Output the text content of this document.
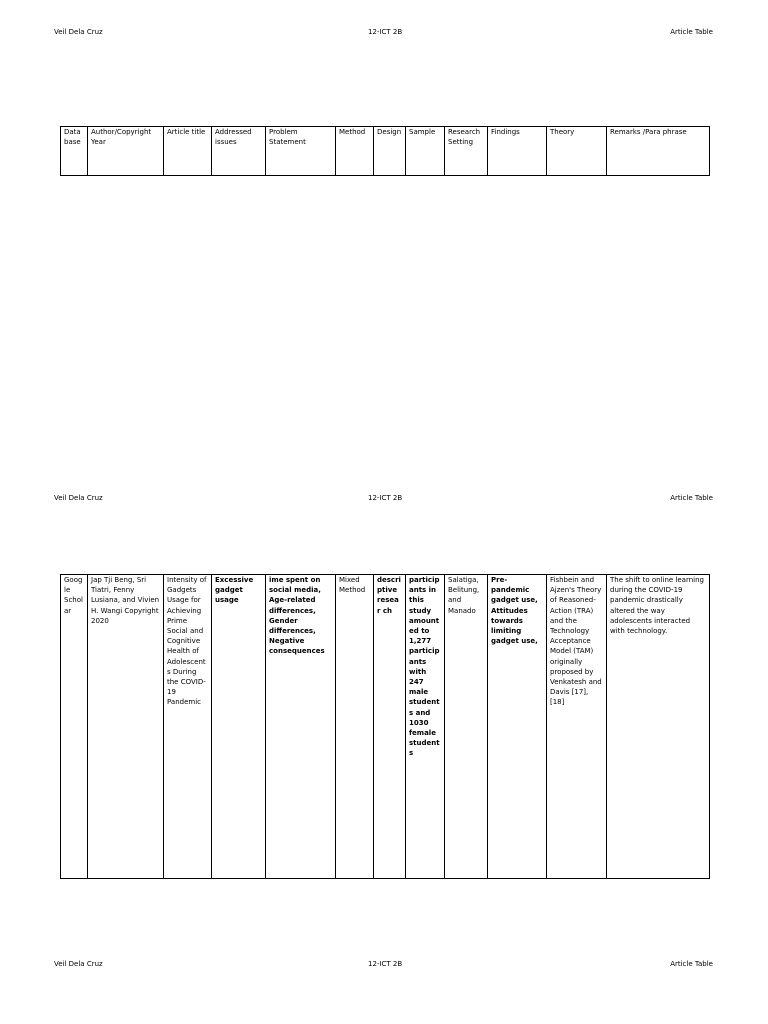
Veil Dela Cruz	12-ICT 2B	Article Table
Data base	Author/Copyright Year	Article title	Addressed issues	Problem Statement	Method	Design	Sample	Research Setting	Findings	Theory	Remarks /Para phrase
Veil Dela Cruz	12-ICT 2B	Article Table
Goog le Schol ar	Jap Tji Beng, Sri Tiatri, Fenny Lusiana, and Vivien H. Wangi Copyright 2020	Intensity of Gadgets Usage for Achieving Prime Social and Cognitive Health of Adolescent s During the COVID-19 Pandemic	Excessive gadget usage	ime spent on social media, Age-related differences, Gender differences, Negative consequences	Mixed Method	descri ptive resear ch	particip ants in this study amount ed to 1,277 particip ants with 247 male student s and 1030 female student s	Salatiga, Belitung, and Manado	Pre-pandemic gadget use, Attitudes towards limiting gadget use,	Fishbein and Ajzen's Theory of Reasoned-Action (TRA) and the Technology Acceptance Model (TAM) originally proposed by Venkatesh and Davis [17], [18]	The shift to online learning during the COVID-19 pandemic drastically altered the way adolescents interacted with technology.
Veil Dela Cruz	12-ICT 2B	Article Table
